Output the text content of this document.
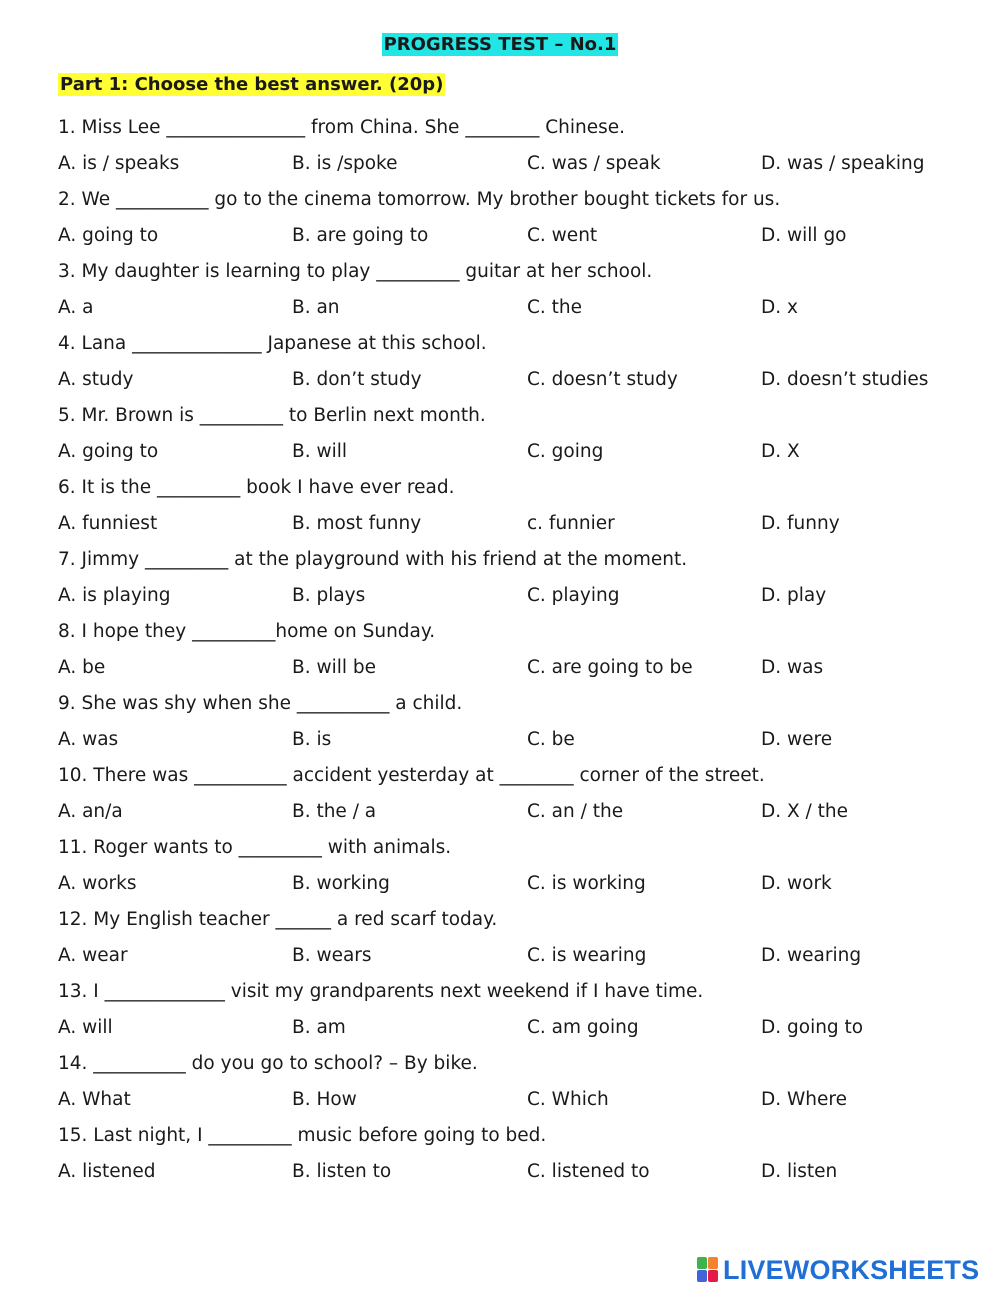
PROGRESS TEST – No.1
Part 1: Choose the best answer. (20p)
1. Miss Lee _______________ from China. She ________ Chinese.
A. is / speaks	B. is /spoke	C. was / speak	D. was / speaking
2. We __________ go to the cinema tomorrow. My brother bought tickets for us.
A. going to	B. are going to	C. went	D. will go
3. My daughter is learning to play _________ guitar at her school.
A. a	B. an	C. the	D. x
4. Lana ______________ Japanese at this school.
A. study	B. don’t study	C. doesn’t study	D. doesn’t studies
5. Mr. Brown is _________ to Berlin next month.
A. going to	B. will	C. going	D. X
6. It is the _________ book I have ever read.
A. funniest	B. most funny	c. funnier	D. funny
7. Jimmy _________ at the playground with his friend at the moment.
A. is playing	B. plays	C. playing	D. play
8. I hope they _________home on Sunday.
A. be	B. will be	C. are going to be	D. was
9. She was shy when she __________ a child.
A. was	B. is	C. be	D. were
10. There was __________ accident yesterday at ________ corner of the street.
A. an/a	B. the / a	C. an / the	D. X / the
11. Roger wants to _________ with animals.
A. works	B. working	C. is working	D. work
12. My English teacher ______ a red scarf today.
A. wear	B. wears	C. is wearing	D. wearing
13. I _____________ visit my grandparents next weekend if I have time.
A. will	B. am	C. am going	D. going to
14. __________ do you go to school? – By bike.
A. What	B. How	C. Which	D. Where
15. Last night, I _________ music before going to bed.
A. listened	B. listen to	C. listened to	D. listen
LIVEWORKSHEETS
